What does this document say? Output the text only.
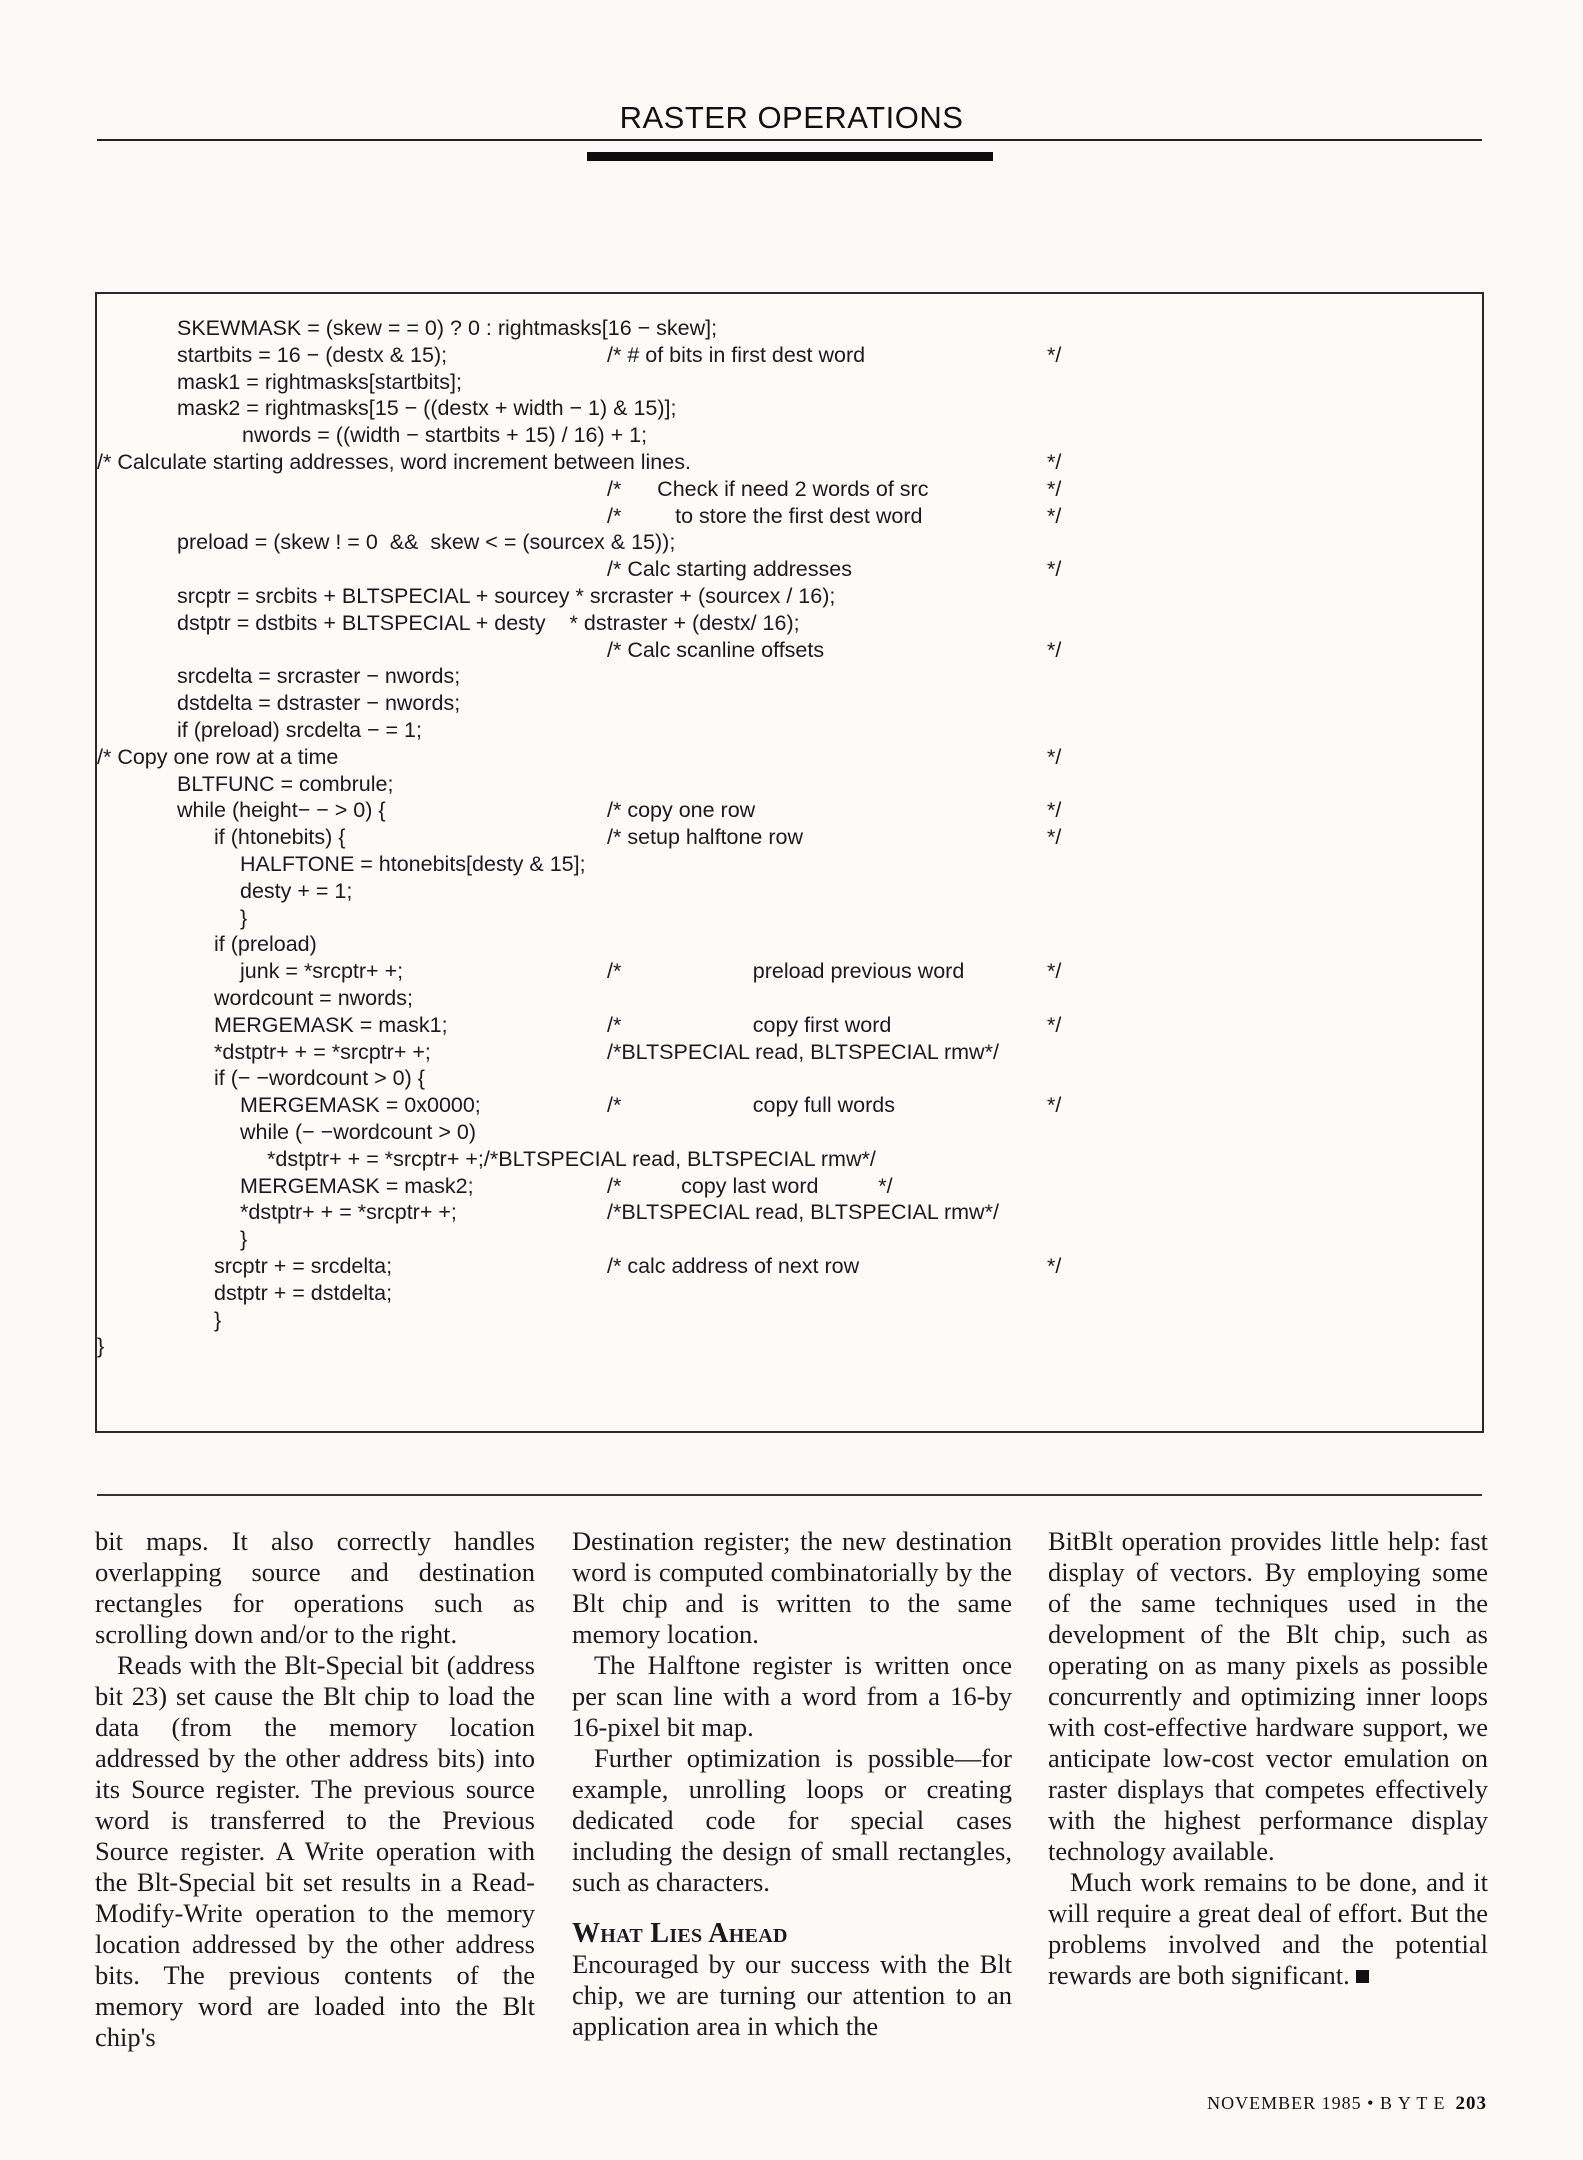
RASTER OPERATIONS
SKEWMASK = (skew = = 0) ? 0 : rightmasks[16 − skew];
startbits = 16 − (destx & 15);	/* # of bits in first dest word	*/
mask1 = rightmasks[startbits];
mask2 = rightmasks[15 − ((destx + width − 1) & 15)];
nwords = ((width − startbits + 15) / 16) + 1;
/* Calculate starting addresses, word increment between lines.	*/
/*      Check if need 2 words of src	*/
/*         to store the first dest word	*/
preload = (skew ! = 0  &&  skew < = (sourcex & 15));
/* Calc starting addresses	*/
srcptr = srcbits + BLTSPECIAL + sourcey * srcraster + (sourcex / 16);
dstptr = dstbits + BLTSPECIAL + desty    * dstraster + (destx/ 16);
/* Calc scanline offsets	*/
srcdelta = srcraster − nwords;
dstdelta = dstraster − nwords;
if (preload) srcdelta − = 1;
/* Copy one row at a time	*/
BLTFUNC = combrule;
while (height− − > 0) {	/* copy one row	*/
if (htonebits) {	/* setup halftone row	*/
HALFTONE = htonebits[desty & 15];
desty + = 1;
}
if (preload)
junk = *srcptr+ +;	/*                      preload previous word	*/
wordcount = nwords;
MERGEMASK = mask1;	/*                      copy first word	*/
*dstptr+ + = *srcptr+ +;	/*BLTSPECIAL read, BLTSPECIAL rmw*/
if (− −wordcount > 0) {
MERGEMASK = 0x0000;	/*                      copy full words	*/
while (− −wordcount > 0)
*dstptr+ + = *srcptr+ +;/*BLTSPECIAL read, BLTSPECIAL rmw*/
MERGEMASK = mask2;	/*          copy last word          */
*dstptr+ + = *srcptr+ +;	/*BLTSPECIAL read, BLTSPECIAL rmw*/
}
srcptr + = srcdelta;	/* calc address of next row	*/
dstptr + = dstdelta;
}
}

bit maps. It also correctly handles overlapping source and destination rectangles for operations such as scrolling down and/or to the right.

Reads with the Blt-Special bit (address bit 23) set cause the Blt chip to load the data (from the memory location addressed by the other address bits) into its Source register. The previous source word is transferred to the Previous Source register. A Write operation with the Blt-Special bit set results in a Read-Modify-Write operation to the memory location addressed by the other address bits. The previous contents of the memory word are loaded into the Blt chip's

Destination register; the new destination word is computed combinatorially by the Blt chip and is written to the same memory location.

The Halftone register is written once per scan line with a word from a 16-by 16-pixel bit map.

Further optimization is possible—for example, unrolling loops or creating dedicated code for special cases including the design of small rectangles, such as characters.

What Lies Ahead

Encouraged by our success with the Blt chip, we are turning our attention to an application area in which the

BitBlt operation provides little help: fast display of vectors. By employing some of the same techniques used in the development of the Blt chip, such as operating on as many pixels as possible concurrently and optimizing inner loops with cost-effective hardware support, we anticipate low-cost vector emulation on raster displays that competes effectively with the highest performance display technology available.

Much work remains to be done, and it will require a great deal of effort. But the problems involved and the potential rewards are both significant.

NOVEMBER 1985 • B Y T E 203
